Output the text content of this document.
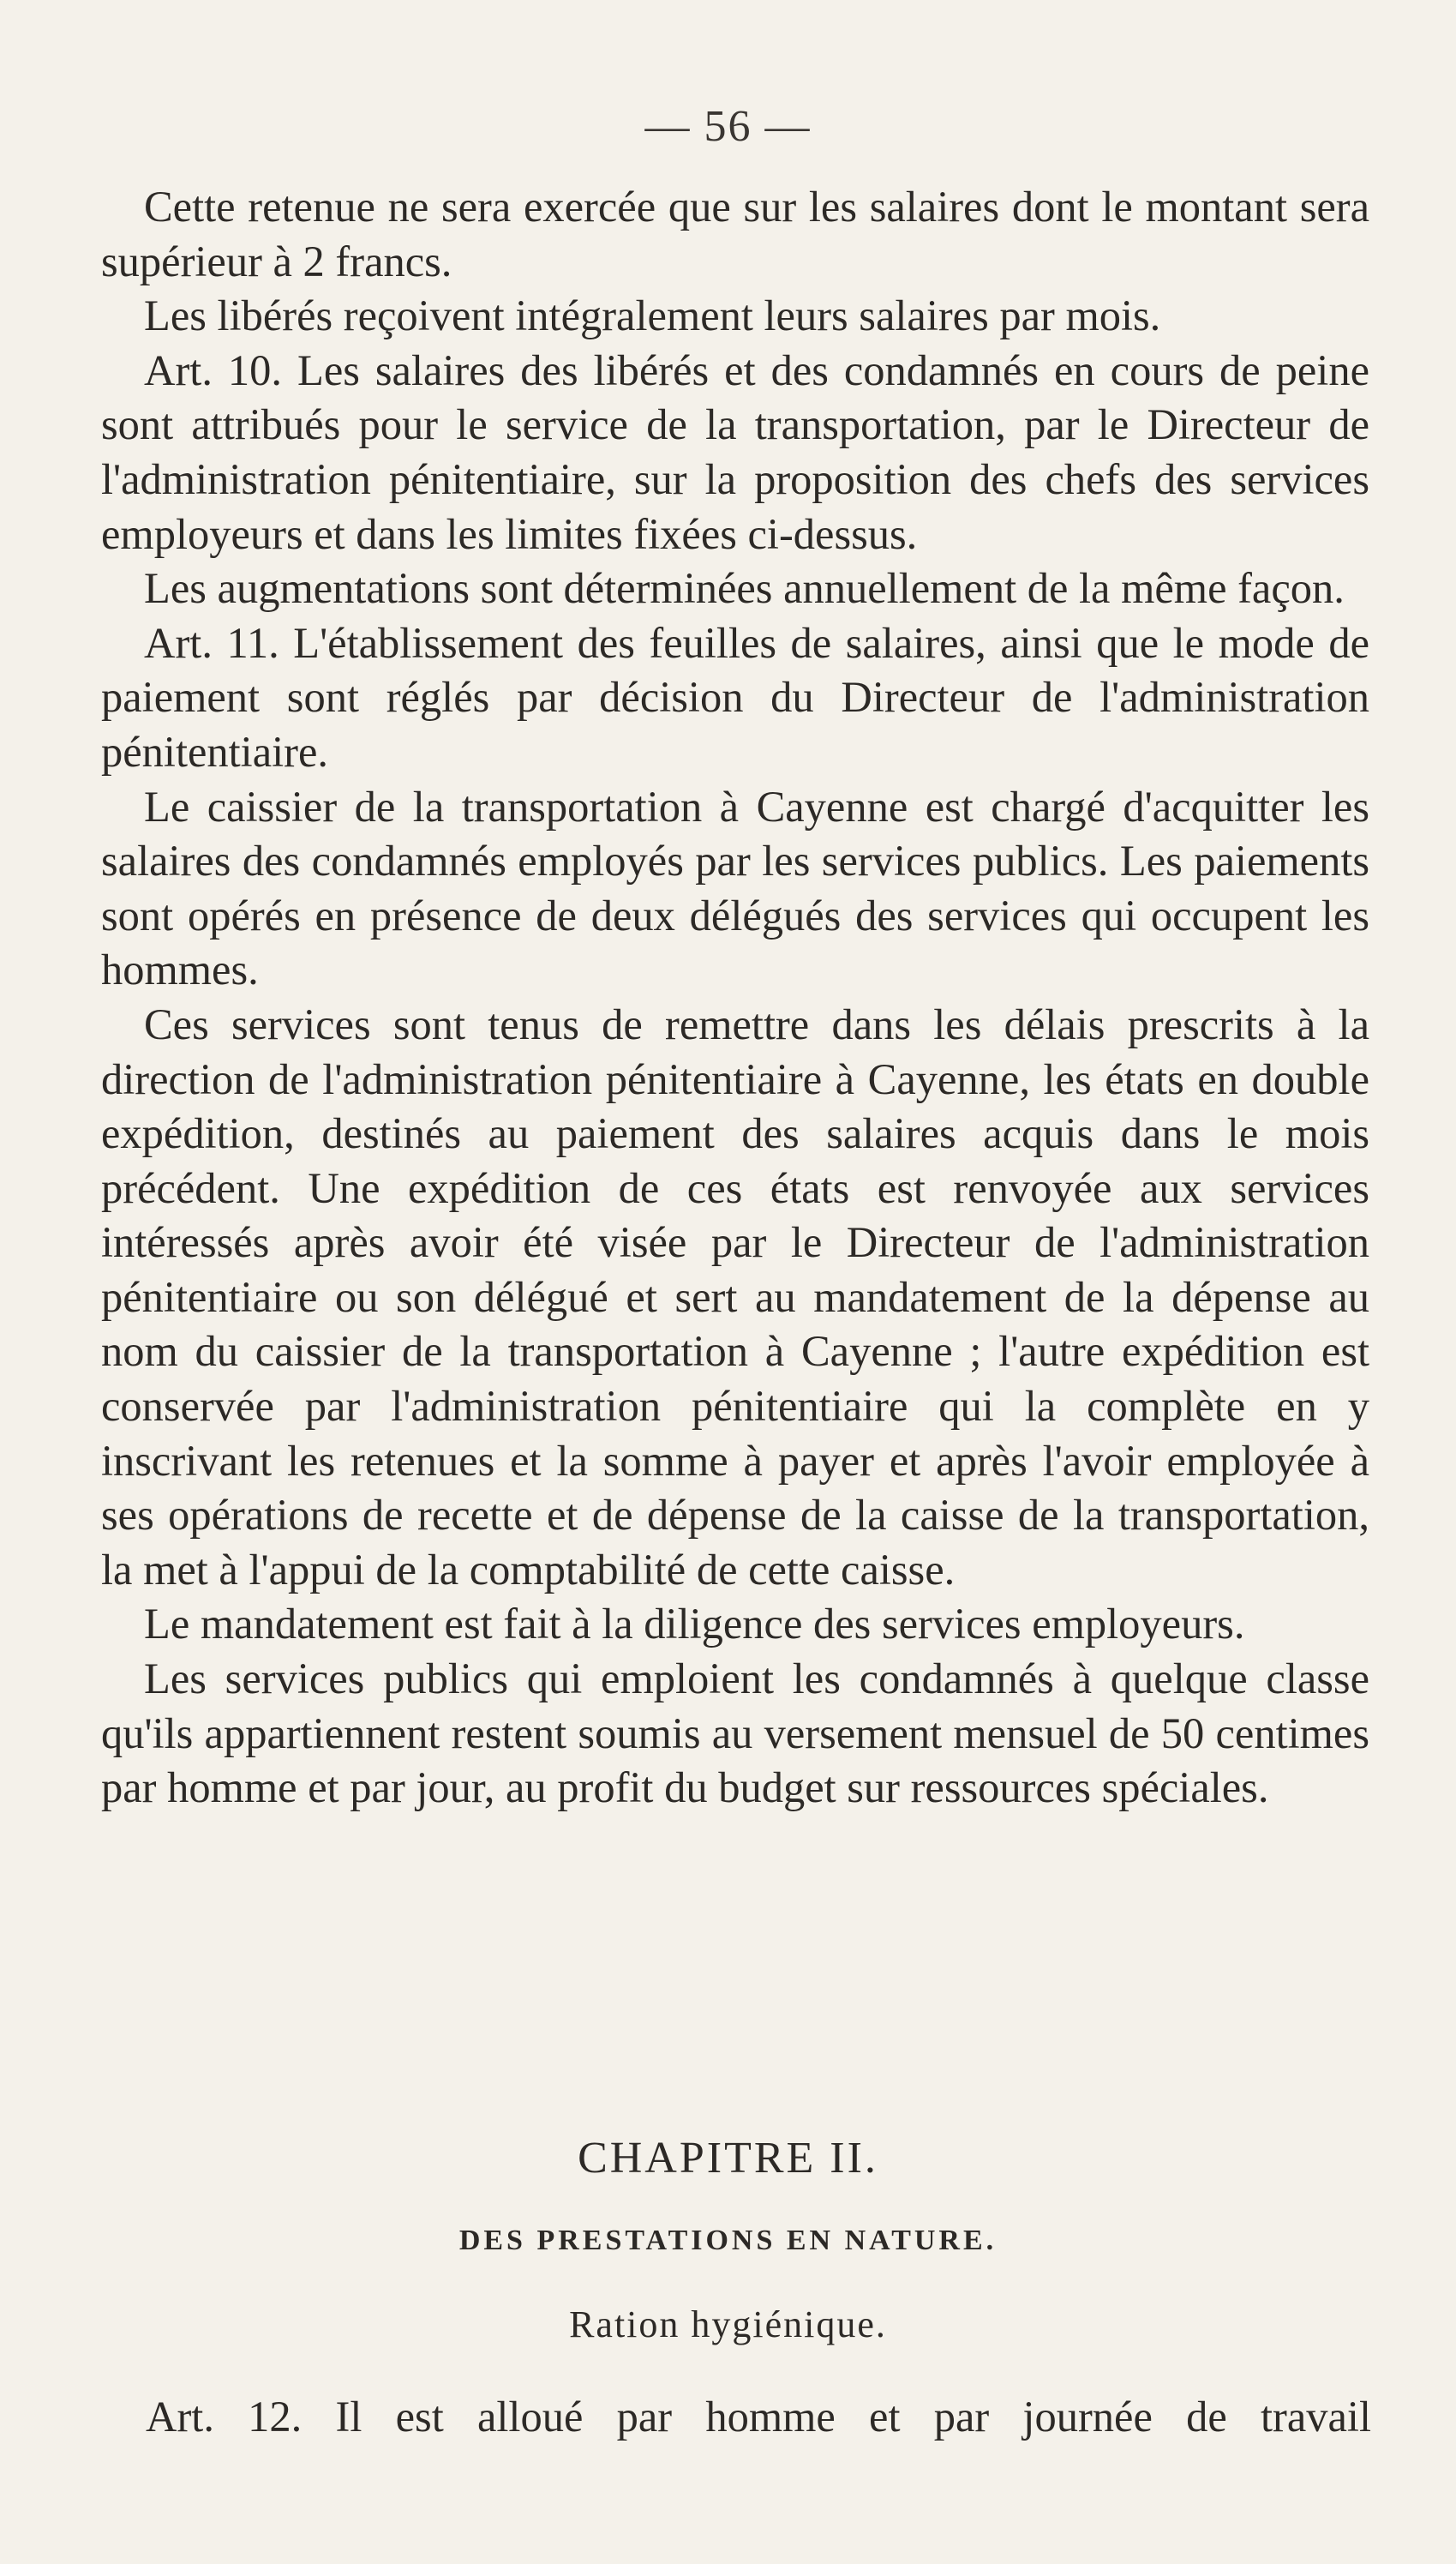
— 56 —

Cette retenue ne sera exercée que sur les salaires dont le montant sera supérieur à 2 francs.

Les libérés reçoivent intégralement leurs salaires par mois.

Art. 10. Les salaires des libérés et des condamnés en cours de peine sont attribués pour le service de la transportation, par le Directeur de l'administration pénitentiaire, sur la proposition des chefs des services employeurs et dans les limites fixées ci-dessus.

Les augmentations sont déterminées annuellement de la même façon.

Art. 11. L'établissement des feuilles de salaires, ainsi que le mode de paiement sont réglés par décision du Directeur de l'administration pénitentiaire.

Le caissier de la transportation à Cayenne est chargé d'acquitter les salaires des condamnés employés par les services publics. Les paiements sont opérés en présence de deux délégués des services qui occupent les hommes.

Ces services sont tenus de remettre dans les délais prescrits à la direction de l'administration pénitentiaire à Cayenne, les états en double expédition, destinés au paiement des salaires acquis dans le mois précédent. Une expédition de ces états est renvoyée aux services intéressés après avoir été visée par le Directeur de l'administration pénitentiaire ou son délégué et sert au mandatement de la dépense au nom du caissier de la transportation à Cayenne ; l'autre expédition est conservée par l'administration pénitentiaire qui la complète en y inscrivant les retenues et la somme à payer et après l'avoir employée à ses opérations de recette et de dépense de la caisse de la transportation, la met à l'appui de la comptabilité de cette caisse.

Le mandatement est fait à la diligence des services employeurs.

Les services publics qui emploient les condamnés à quelque classe qu'ils appartiennent restent soumis au versement mensuel de 50 centimes par homme et par jour, au profit du budget sur ressources spéciales.

CHAPITRE II.
DES PRESTATIONS EN NATURE.
Ration hygiénique.
Art. 12. Il est alloué par homme et par journée de travail
